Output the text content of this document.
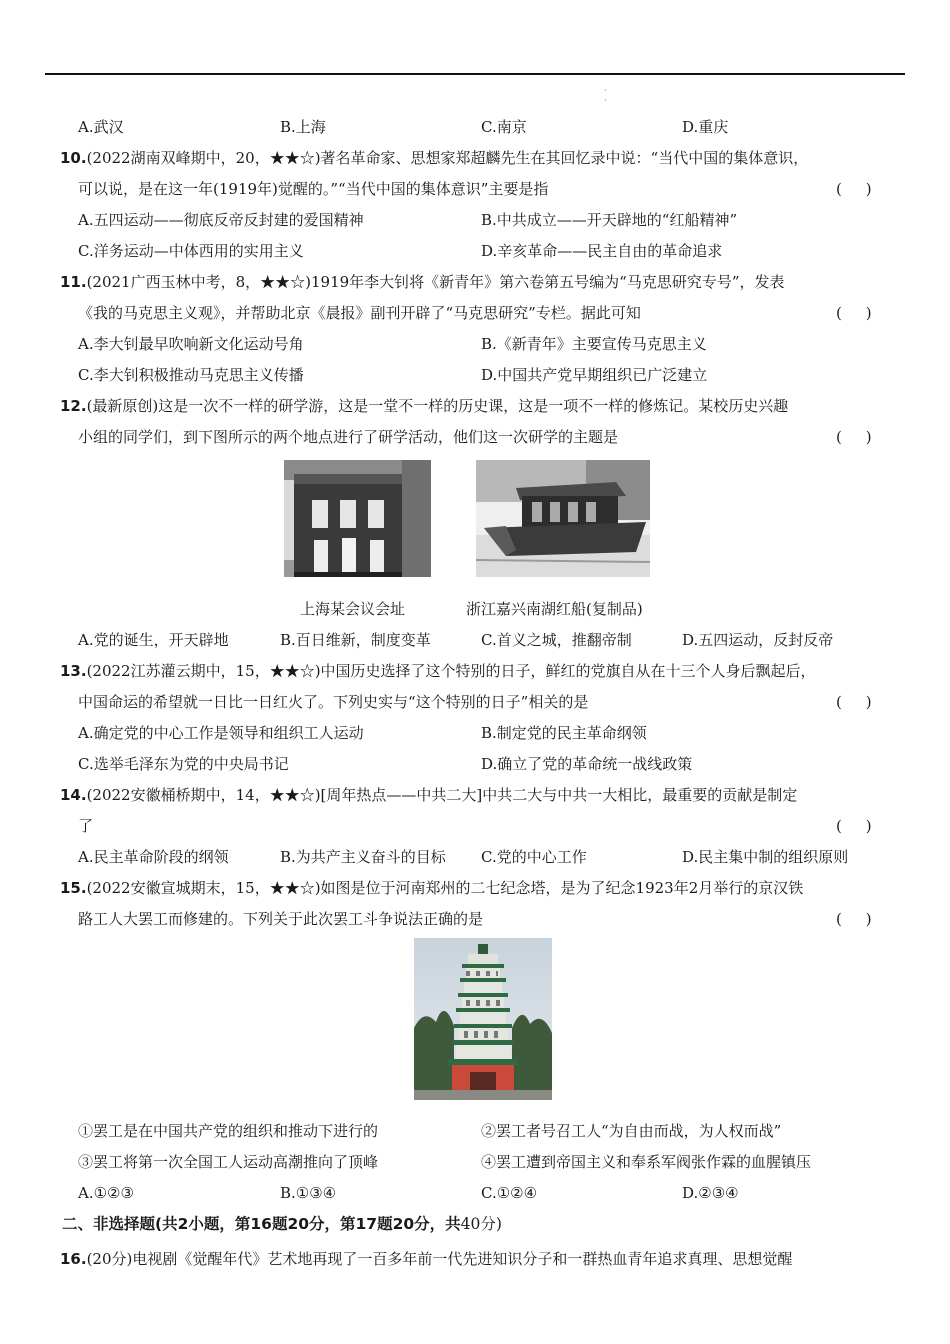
·
·
A.武汉	B.上海	C.南京	D.重庆
10.(2022湖南双峰期中，20，★★☆)著名革命家、思想家郑超麟先生在其回忆录中说：“当代中国的集体意识，
可以说，是在这一年(1919年)觉醒的。”“当代中国的集体意识”主要是指	(     )
A.五四运动——彻底反帝反封建的爱国精神	B.中共成立——开天辟地的“红船精神”
C.洋务运动—中体西用的实用主义	D.辛亥革命——民主自由的革命追求
11.(2021广西玉林中考，8，★★☆)1919年李大钊将《新青年》第六卷第五号编为“马克思研究专号”，发表
《我的马克思主义观》，并帮助北京《晨报》副刊开辟了“马克思研究”专栏。据此可知	(     )
A.李大钊最早吹响新文化运动号角	B.《新青年》主要宣传马克思主义
C.李大钊积极推动马克思主义传播	D.中国共产党早期组织已广泛建立
12.(最新原创)这是一次不一样的研学游，这是一堂不一样的历史课，这是一项不一样的修炼记。某校历史兴趣
小组的同学们，到下图所示的两个地点进行了研学活动，他们这一次研学的主题是	(     )
上海某会议会址	浙江嘉兴南湖红船(复制品)
A.党的诞生，开天辟地	B.百日维新，制度变革	C.首义之城，推翻帝制	D.五四运动，反封反帝
13.(2022江苏灌云期中，15，★★☆)中国历史选择了这个特别的日子，鲜红的党旗自从在十三个人身后飘起后，
中国命运的希望就一日比一日红火了。下列史实与“这个特别的日子”相关的是	(     )
A.确定党的中心工作是领导和组织工人运动	B.制定党的民主革命纲领
C.选举毛泽东为党的中央局书记	D.确立了党的革命统一战线政策
14.(2022安徽桶桥期中，14，★★☆)[周年热点——中共二大]中共二大与中共一大相比，最重要的贡献是制定
了	(     )
A.民主革命阶段的纲领	B.为共产主义奋斗的目标 C.党的中心工作	D.民主集中制的组织原则
15.(2022安徽宣城期末，15，★★☆)如图是位于河南郑州的二七纪念塔，是为了纪念1923年2月举行的京汉铁
路工人大罢工而修建的。下列关于此次罢工斗争说法正确的是	(     )
①罢工是在中国共产党的组织和推动下进行的	②罢工者号召工人“为自由而战，为人权而战”
③罢工将第一次全国工人运动高潮推向了顶峰	④罢工遭到帝国主义和奉系军阀张作霖的血腥镇压
A.①②③	B.①③④	C.①②④	D.②③④
二、非选择题(共2小题，第16题20分，第17题20分，共40分)
16.(20分)电视剧《觉醒年代》艺术地再现了一百多年前一代先进知识分子和一群热血青年追求真理、思想觉醒
